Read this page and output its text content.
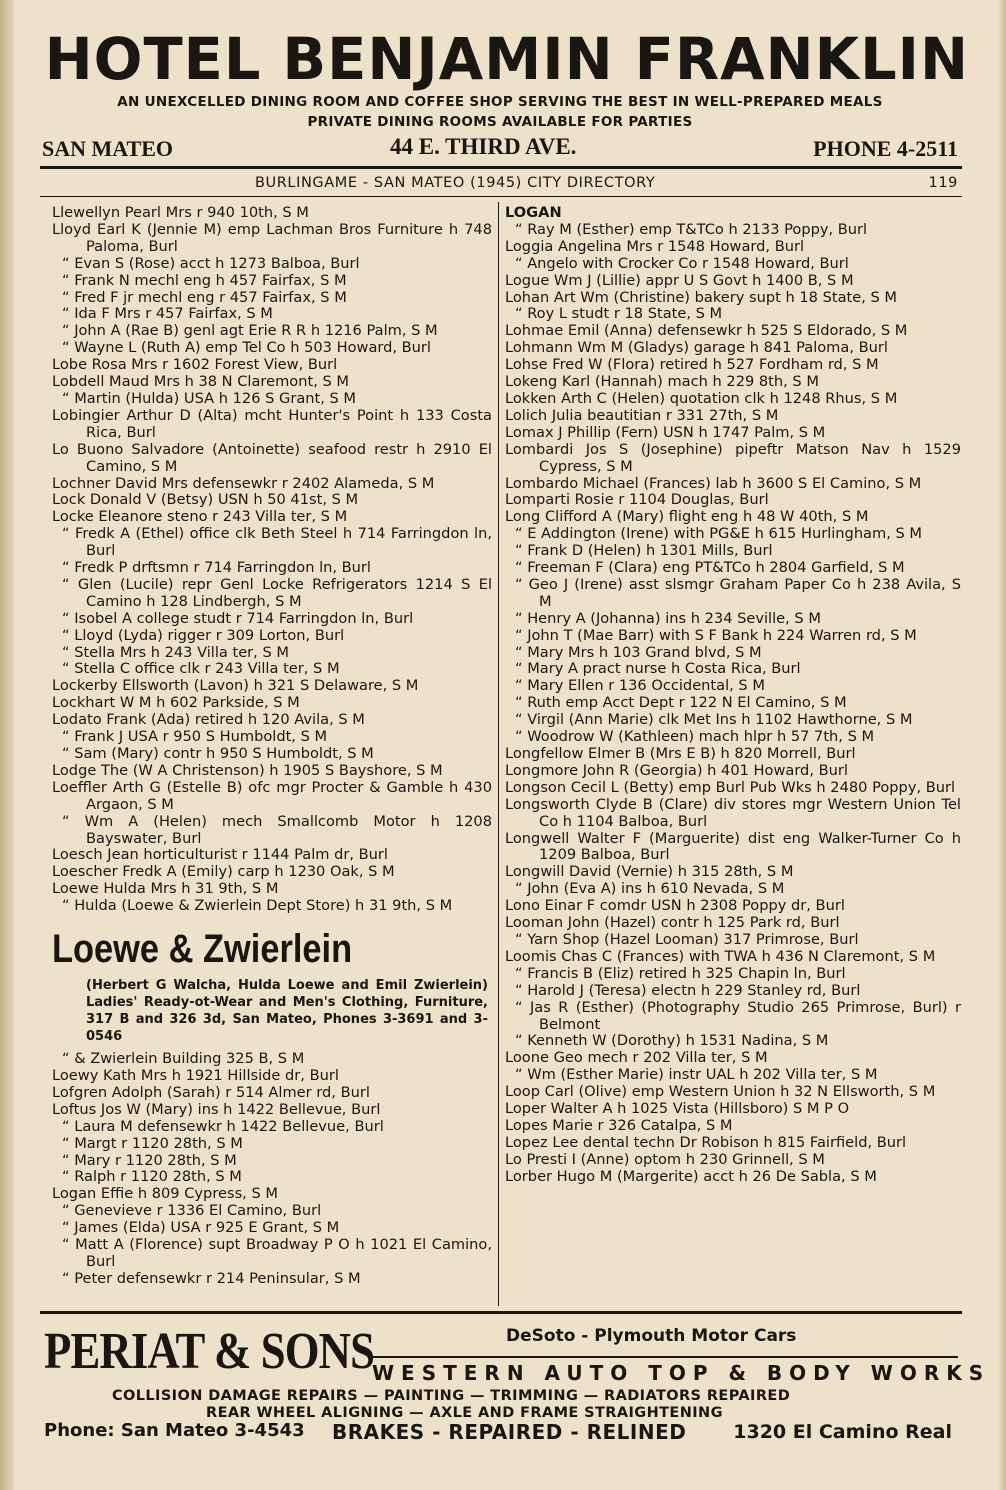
HOTEL BENJAMIN FRANKLIN
AN UNEXCELLED DINING ROOM AND COFFEE SHOP SERVING THE BEST IN WELL-PREPARED MEALS
PRIVATE DINING ROOMS AVAILABLE FOR PARTIES
SAN MATEO	44 E. THIRD AVE.	PHONE 4-2511
BURLINGAME - SAN MATEO (1945) CITY DIRECTORY	119
Llewellyn Pearl Mrs r 940 10th, S M
Lloyd Earl K (Jennie M) emp Lachman Bros Furniture h 748 Paloma, Burl
“ Evan S (Rose) acct h 1273 Balboa, Burl
“ Frank N mechl eng h 457 Fairfax, S M
“ Fred F jr mechl eng r 457 Fairfax, S M
“ Ida F Mrs r 457 Fairfax, S M
“ John A (Rae B) genl agt Erie R R h 1216 Palm, S M
“ Wayne L (Ruth A) emp Tel Co h 503 Howard, Burl
Lobe Rosa Mrs r 1602 Forest View, Burl
Lobdell Maud Mrs h 38 N Claremont, S M
“ Martin (Hulda) USA h 126 S Grant, S M
Lobingier Arthur D (Alta) mcht Hunter's Point h 133 Costa Rica, Burl
Lo Buono Salvadore (Antoinette) seafood restr h 2910 El Camino, S M
Lochner David Mrs defensewkr r 2402 Alameda, S M
Lock Donald V (Betsy) USN h 50 41st, S M
Locke Eleanore steno r 243 Villa ter, S M
“ Fredk A (Ethel) office clk Beth Steel h 714 Farringdon ln, Burl
“ Fredk P drftsmn r 714 Farringdon ln, Burl
“ Glen (Lucile) repr Genl Locke Refrigerators 1214 S El Camino h 128 Lindbergh, S M
“ Isobel A college studt r 714 Farringdon ln, Burl
“ Lloyd (Lyda) rigger r 309 Lorton, Burl
“ Stella Mrs h 243 Villa ter, S M
“ Stella C office clk r 243 Villa ter, S M
Lockerby Ellsworth (Lavon) h 321 S Delaware, S M
Lockhart W M h 602 Parkside, S M
Lodato Frank (Ada) retired h 120 Avila, S M
“ Frank J USA r 950 S Humboldt, S M
“ Sam (Mary) contr h 950 S Humboldt, S M
Lodge The (W A Christenson) h 1905 S Bayshore, S M
Loeffler Arth G (Estelle B) ofc mgr Procter & Gamble h 430 Argaon, S M
“ Wm A (Helen) mech Smallcomb Motor h 1208 Bayswater, Burl
Loesch Jean horticulturist r 1144 Palm dr, Burl
Loescher Fredk A (Emily) carp h 1230 Oak, S M
Loewe Hulda Mrs h 31 9th, S M
“ Hulda (Loewe & Zwierlein Dept Store) h 31 9th, S M
Loewe & Zwierlein
(Herbert G Walcha, Hulda Loewe and Emil Zwierlein) Ladies' Ready-ot-Wear and Men's Clothing, Furniture, 317 B and 326 3d, San Mateo, Phones 3-3691 and 3-0546
“ & Zwierlein Building 325 B, S M
Loewy Kath Mrs h 1921 Hillside dr, Burl
Lofgren Adolph (Sarah) r 514 Almer rd, Burl
Loftus Jos W (Mary) ins h 1422 Bellevue, Burl
“ Laura M defensewkr h 1422 Bellevue, Burl
“ Margt r 1120 28th, S M
“ Mary r 1120 28th, S M
“ Ralph r 1120 28th, S M
Logan Effie h 809 Cypress, S M
“ Genevieve r 1336 El Camino, Burl
“ James (Elda) USA r 925 E Grant, S M
“ Matt A (Florence) supt Broadway P O h 1021 El Camino, Burl
“ Peter defensewkr r 214 Peninsular, S M
LOGAN
“ Ray M (Esther) emp T&TCo h 2133 Poppy, Burl
Loggia Angelina Mrs r 1548 Howard, Burl
“ Angelo with Crocker Co r 1548 Howard, Burl
Logue Wm J (Lillie) appr U S Govt h 1400 B, S M
Lohan Art Wm (Christine) bakery supt h 18 State, S M
“ Roy L studt r 18 State, S M
Lohmae Emil (Anna) defensewkr h 525 S Eldorado, S M
Lohmann Wm M (Gladys) garage h 841 Paloma, Burl
Lohse Fred W (Flora) retired h 527 Fordham rd, S M
Lokeng Karl (Hannah) mach h 229 8th, S M
Lokken Arth C (Helen) quotation clk h 1248 Rhus, S M
Lolich Julia beautitian r 331 27th, S M
Lomax J Phillip (Fern) USN h 1747 Palm, S M
Lombardi Jos S (Josephine) pipeftr Matson Nav h 1529 Cypress, S M
Lombardo Michael (Frances) lab h 3600 S El Camino, S M
Lomparti Rosie r 1104 Douglas, Burl
Long Clifford A (Mary) flight eng h 48 W 40th, S M
“ E Addington (Irene) with PG&E h 615 Hurlingham, S M
“ Frank D (Helen) h 1301 Mills, Burl
“ Freeman F (Clara) eng PT&TCo h 2804 Garfield, S M
“ Geo J (Irene) asst slsmgr Graham Paper Co h 238 Avila, S M
“ Henry A (Johanna) ins h 234 Seville, S M
“ John T (Mae Barr) with S F Bank h 224 Warren rd, S M
“ Mary Mrs h 103 Grand blvd, S M
“ Mary A pract nurse h Costa Rica, Burl
“ Mary Ellen r 136 Occidental, S M
“ Ruth emp Acct Dept r 122 N El Camino, S M
“ Virgil (Ann Marie) clk Met Ins h 1102 Hawthorne, S M
“ Woodrow W (Kathleen) mach hlpr h 57 7th, S M
Longfellow Elmer B (Mrs E B) h 820 Morrell, Burl
Longmore John R (Georgia) h 401 Howard, Burl
Longson Cecil L (Betty) emp Burl Pub Wks h 2480 Poppy, Burl
Longsworth Clyde B (Clare) div stores mgr Western Union Tel Co h 1104 Balboa, Burl
Longwell Walter F (Marguerite) dist eng Walker-Turner Co h 1209 Balboa, Burl
Longwill David (Vernie) h 315 28th, S M
“ John (Eva A) ins h 610 Nevada, S M
Lono Einar F comdr USN h 2308 Poppy dr, Burl
Looman John (Hazel) contr h 125 Park rd, Burl
“ Yarn Shop (Hazel Looman) 317 Primrose, Burl
Loomis Chas C (Frances) with TWA h 436 N Claremont, S M
“ Francis B (Eliz) retired h 325 Chapin ln, Burl
“ Harold J (Teresa) electn h 229 Stanley rd, Burl
“ Jas R (Esther) (Photography Studio 265 Primrose, Burl) r Belmont
“ Kenneth W (Dorothy) h 1531 Nadina, S M
Loone Geo mech r 202 Villa ter, S M
“ Wm (Esther Marie) instr UAL h 202 Villa ter, S M
Loop Carl (Olive) emp Western Union h 32 N Ellsworth, S M
Loper Walter A h 1025 Vista (Hillsboro) S M P O
Lopes Marie r 326 Catalpa, S M
Lopez Lee dental techn Dr Robison h 815 Fairfield, Burl
Lo Presti I (Anne) optom h 230 Grinnell, S M
Lorber Hugo M (Margerite) acct h 26 De Sabla, S M
PERIAT & SONS	DeSoto - Plymouth Motor Cars
WESTERN AUTO TOP & BODY WORKS
COLLISION DAMAGE REPAIRS — PAINTING — TRIMMING — RADIATORS REPAIRED
REAR WHEEL ALIGNING — AXLE AND FRAME STRAIGHTENING
Phone: San Mateo 3-4543 BRAKES - REPAIRED - RELINED 1320 El Camino Real
